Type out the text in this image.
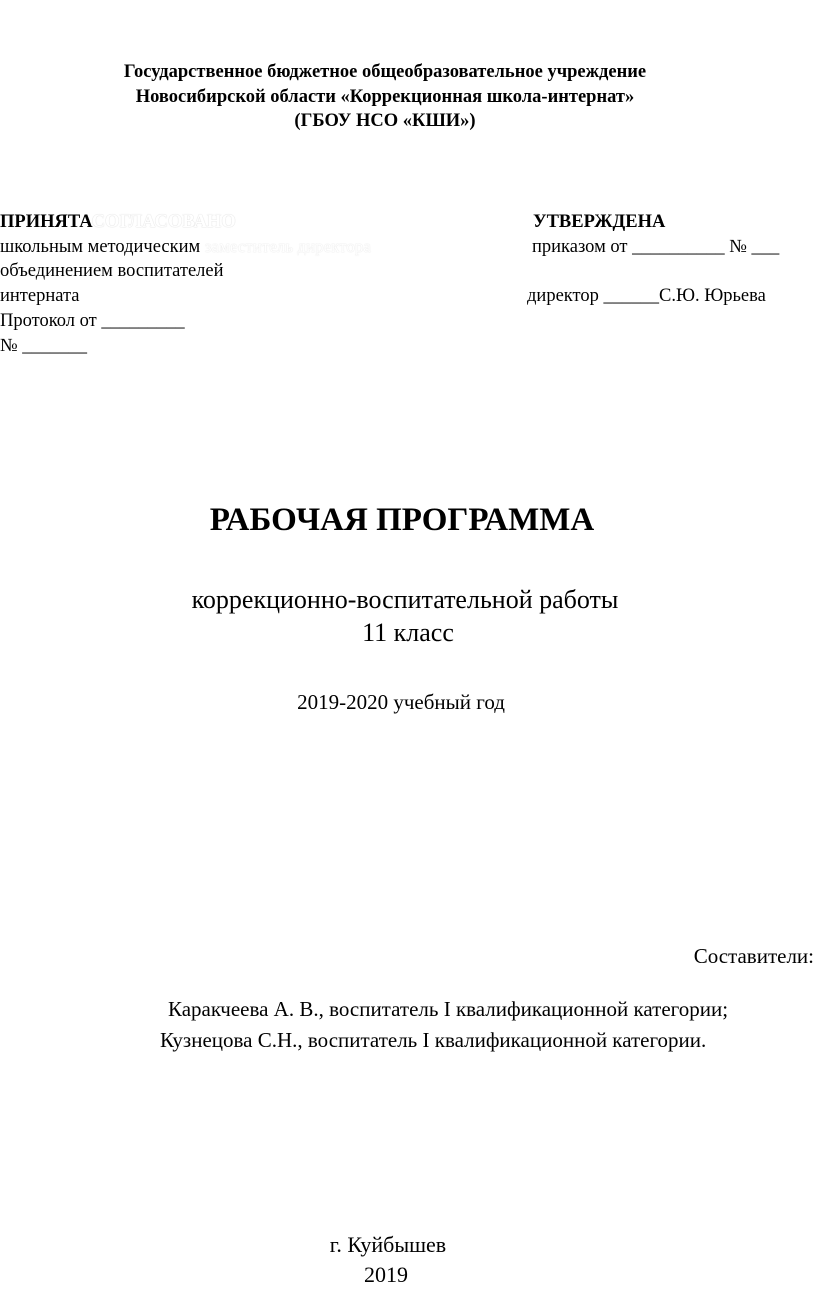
Государственное бюджетное общеобразовательное учреждение
Новосибирской области «Коррекционная школа-интернат»
(ГБОУ НСО «КШИ»)
ПРИНЯТАСОГЛАСОВАНО
школьным методическим заместитель директора
объединением воспитателей
интерната
Протокол от _________
№ _______
УТВЕРЖДЕНА
приказом от __________ № ___
директор ______С.Ю. Юрьева
РАБОЧАЯ ПРОГРАММА
коррекционно-воспитательной работы
11 класс
2019-2020 учебный год
Составители:
Каракчеева А. В., воспитатель I квалификационной категории;
Кузнецова С.Н., воспитатель I квалификационной категории.
г. Куйбышев
2019
